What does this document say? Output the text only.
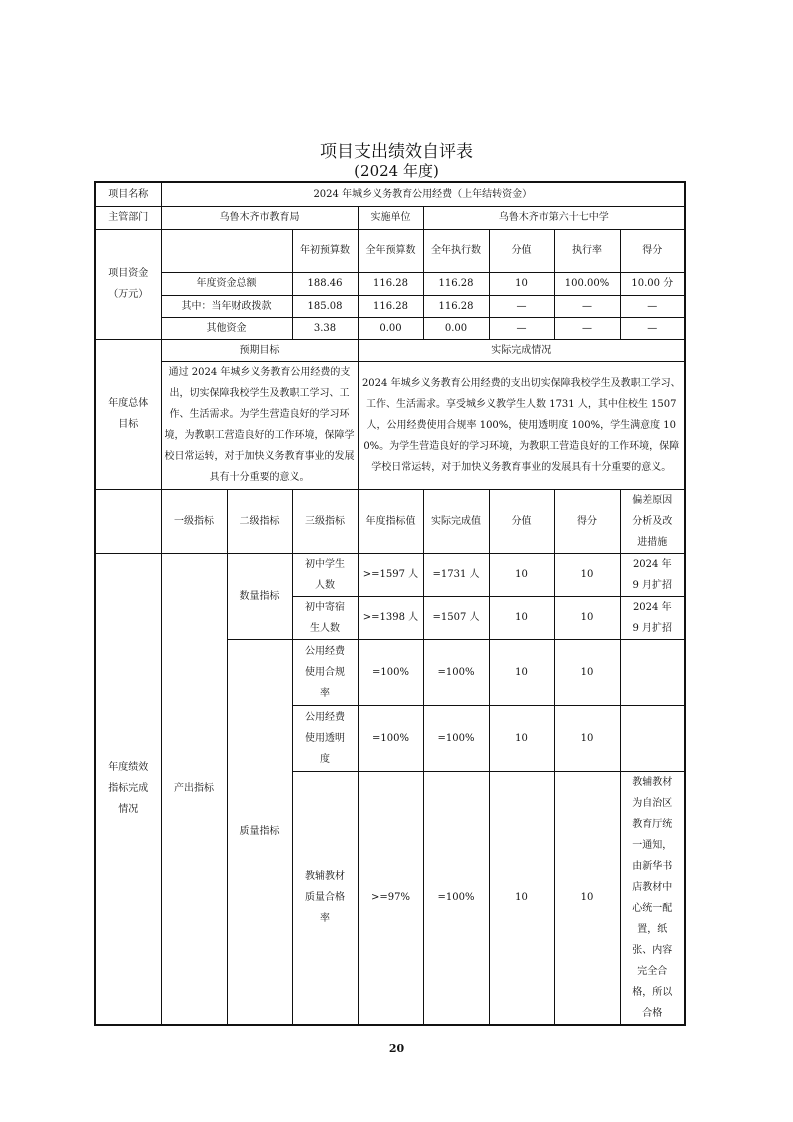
项目支出绩效自评表
(2024 年度)
项目名称	2024 年城乡义务教育公用经费（上年结转资金）							
主管部门	乌鲁木齐市教育局			实施单位	乌鲁木齐市第六十七中学			
项目资金（万元）			年初预算数	全年预算数	全年执行数	分值	执行率	得分
	年度资金总额		188.46	116.28	116.28	10	100.00%	10.00 分
	其中：当年财政拨款		185.08	116.28	116.28	—	—	—
	其他资金		3.38	0.00	0.00	—	—	—
年度总体目标	预期目标			实际完成情况				
	通过 2024 年城乡义务教育公用经费的支出，切实保障我校学生及教职工学习、工作、生活需求。为学生营造良好的学习环境，为教职工营造良好的工作环境，保障学校日常运转，对于加快义务教育事业的发展具有十分重要的意义。			2024 年城乡义务教育公用经费的支出切实保障我校学生及教职工学习、工作、生活需求。享受城乡义教学生人数 1731 人，其中住校生 1507 人，公用经费使用合规率 100%，使用透明度 100%，学生满意度 100%。为学生营造良好的学习环境，为教职工营造良好的工作环境，保障学校日常运转，对于加快义务教育事业的发展具有十分重要的意义。				
	一级指标	二级指标	三级指标	年度指标值	实际完成值	分值	得分	偏差原因分析及改进措施
年度绩效指标完成情况	产出指标	数量指标	初中学生人数	>=1597 人	=1731 人	10	10	2024 年 9 月扩招
			初中寄宿生人数	>=1398 人	=1507 人	10	10	2024 年 9 月扩招
		质量指标	公用经费使用合规率	=100%	=100%	10	10	
			公用经费使用透明度	=100%	=100%	10	10	
			教辅教材质量合格率	>=97%	=100%	10	10	教辅教材为自治区教育厅统一通知，由新华书店教材中心统一配置，纸张、内容完全合格，所以合格
20
